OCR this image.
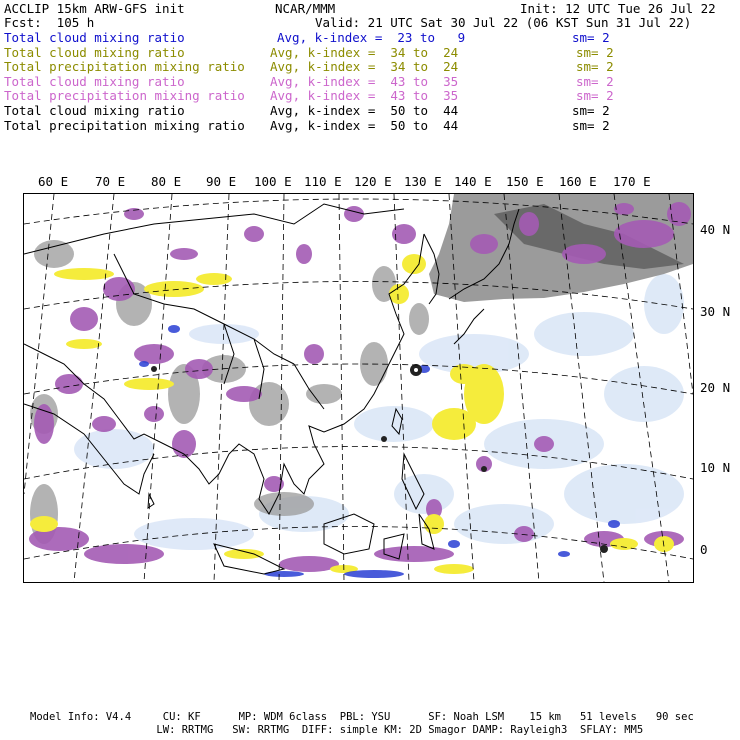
ACCLIP 15km ARW-GFS init	NCAR/MMM	Init: 12 UTC Tue 26 Jul 22
Fcst:  105 h	Valid: 21 UTC Sat 30 Jul 22 (06 KST Sun 31 Jul 22)
Total cloud mixing ratio	Avg, k-index =  23 to   9	sm= 2
Total cloud mixing ratio	Avg, k-index =  34 to  24	sm= 2
Total precipitation mixing ratio Avg, k-index =  34 to  24	sm= 2
Total cloud mixing ratio	Avg, k-index =  43 to  35	sm= 2
Total precipitation mixing ratio Avg, k-index =  43 to  35	sm= 2
Total cloud mixing ratio	Avg, k-index =  50 to  44	sm= 2
Total precipitation mixing ratio Avg, k-index =  50 to  44	sm= 2
60 E 70 E 80 E 90 E 100 E 110 E 120 E 130 E 140 E 150 E 160 E 170 E
40 N
30 N
20 N
10 N
0
Model Info: V4.4     CU: KF      MP: WDM 6class  PBL: YSU      SF: Noah LSM    15 km   51 levels   90 sec
LW: RRTMG   SW: RRTMG  DIFF: simple KM: 2D Smagor DAMP: Rayleigh3  SFLAY: MM5
